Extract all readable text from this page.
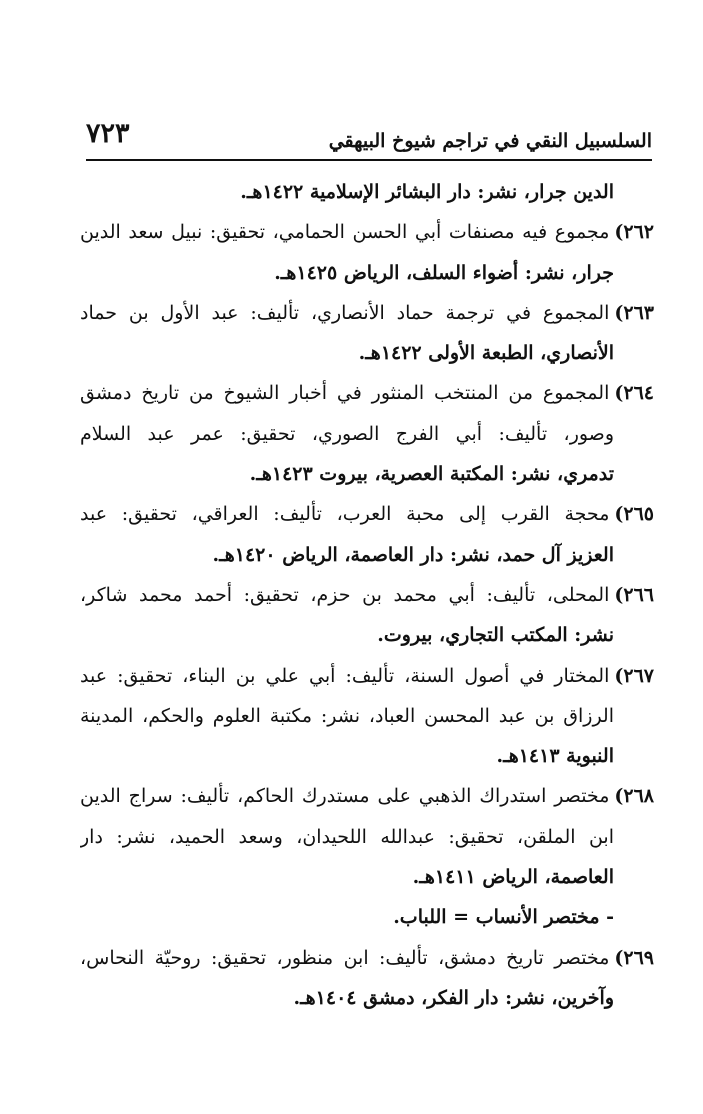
السلسبيل النقي في تراجم شيوخ البيهقي
٧٢٣
الدين جرار، نشر: دار البشائر الإسلامية ١٤٢٢هـ.
٢٦٢)مجموع فيه مصنفات أبي الحسن الحمامي، تحقيق: نبيل سعد الدين
جرار، نشر: أضواء السلف، الرياض ١٤٢٥هـ.
٢٦٣)المجموع في ترجمة حماد الأنصاري، تأليف: عبد الأول بن حماد
الأنصاري، الطبعة الأولى ١٤٢٢هـ.
٢٦٤)المجموع من المنتخب المنثور في أخبار الشيوخ من تاريخ دمشق
وصور، تأليف: أبي الفرج الصوري، تحقيق: عمر عبد السلام
تدمري، نشر: المكتبة العصرية، بيروت ١٤٢٣هـ.
٢٦٥)محجة القرب إلى محبة العرب، تأليف: العراقي، تحقيق: عبد
العزيز آل حمد، نشر: دار العاصمة، الرياض ١٤٢٠هـ.
٢٦٦)المحلى، تأليف: أبي محمد بن حزم، تحقيق: أحمد محمد شاكر،
نشر: المكتب التجاري، بيروت.
٢٦٧)المختار في أصول السنة، تأليف: أبي علي بن البناء، تحقيق: عبد
الرزاق بن عبد المحسن العباد، نشر: مكتبة العلوم والحكم، المدينة
النبوية ١٤١٣هـ.
٢٦٨)مختصر استدراك الذهبي على مستدرك الحاكم، تأليف: سراج الدين
ابن الملقن، تحقيق: عبدالله اللحيدان، وسعد الحميد، نشر: دار
العاصمة، الرياض ١٤١١هـ.
- مختصر الأنساب = اللباب.
٢٦٩)مختصر تاريخ دمشق، تأليف: ابن منظور، تحقيق: روحيّة النحاس،
وآخرين، نشر: دار الفكر، دمشق ١٤٠٤هـ.
